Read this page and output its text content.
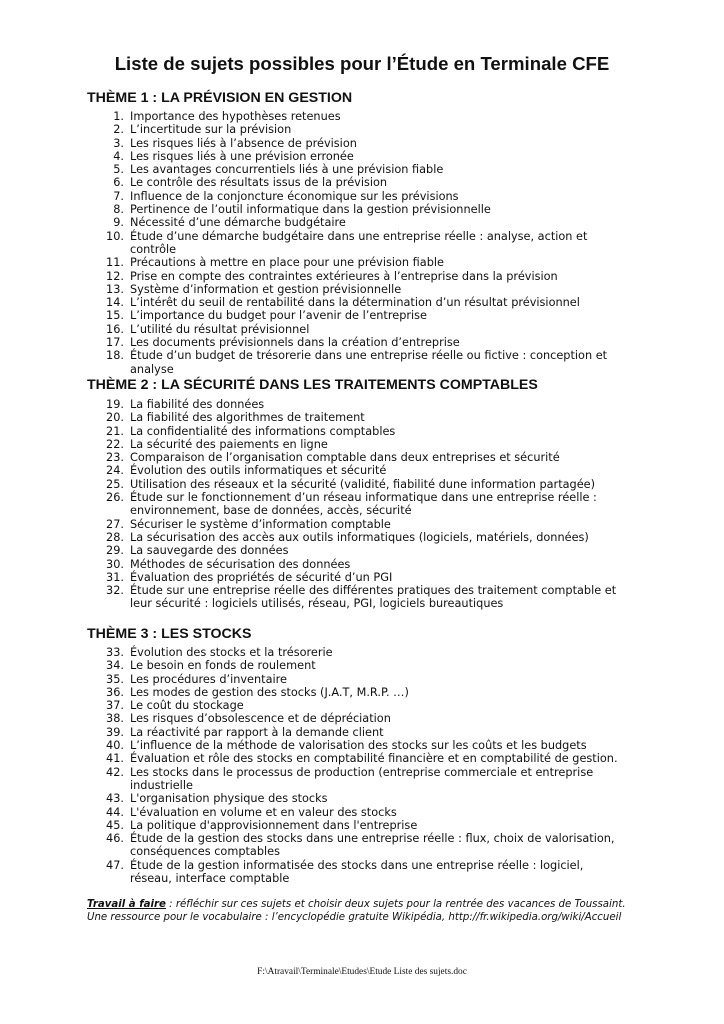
Liste de sujets possibles pour l’Étude en Terminale CFE
THÈME 1 : LA PRÉVISION EN GESTION
1. Importance des hypothèses retenues
2. L’incertitude sur la prévision
3. Les risques liés à l’absence de prévision
4. Les risques liés à une prévision erronée
5. Les avantages concurrentiels liés à une prévision fiable
6. Le contrôle des résultats issus de la prévision
7. Influence de la conjoncture économique sur les prévisions
8. Pertinence de l’outil informatique dans la gestion prévisionnelle
9. Nécessité d’une démarche budgétaire
10. Étude d’une démarche budgétaire dans une entreprise réelle : analyse, action et contrôle
11. Précautions à mettre en place pour une prévision fiable
12. Prise en compte des contraintes extérieures à l’entreprise dans la prévision
13. Système d’information et gestion prévisionnelle
14. L’intérêt du seuil de rentabilité dans la détermination d’un résultat prévisionnel
15. L’importance du budget pour l’avenir de l’entreprise
16. L’utilité du résultat prévisionnel
17. Les documents prévisionnels dans la création d’entreprise
18. Étude d’un budget de trésorerie dans une entreprise réelle ou fictive : conception et analyse
THÈME 2 : LA SÉCURITÉ DANS LES TRAITEMENTS COMPTABLES
19. La fiabilité des données
20. La fiabilité des algorithmes de traitement
21. La confidentialité des informations comptables
22. La sécurité des paiements en ligne
23. Comparaison de l’organisation comptable dans deux entreprises et sécurité
24. Évolution des outils informatiques et sécurité
25. Utilisation des réseaux et la sécurité (validité, fiabilité dune information partagée)
26. Étude sur le fonctionnement d’un réseau informatique dans une entreprise réelle : environnement, base de données, accès, sécurité
27. Sécuriser le système d’information comptable
28. La sécurisation des accès aux outils informatiques (logiciels, matériels, données)
29. La sauvegarde des données
30. Méthodes de sécurisation des données
31. Évaluation des propriétés de sécurité d’un PGI
32. Étude sur une entreprise réelle des différentes pratiques des traitement comptable et leur sécurité : logiciels utilisés, réseau, PGI, logiciels bureautiques
THÈME 3 : LES STOCKS
33. Évolution des stocks et la trésorerie
34. Le besoin en fonds de roulement
35. Les procédures d’inventaire
36. Les modes de gestion des stocks (J.A.T, M.R.P. …)
37. Le coût du stockage
38. Les risques d’obsolescence et de dépréciation
39. La réactivité par rapport à la demande client
40. L’influence de la méthode de valorisation des stocks sur les coûts et les budgets
41. Évaluation et rôle des stocks en comptabilité financière et en comptabilité de gestion.
42. Les stocks dans le processus de production (entreprise commerciale et entreprise industrielle
43. L'organisation physique des stocks
44. L'évaluation en volume et en valeur des stocks
45. La politique d'approvisionnement dans l'entreprise
46. Étude de la gestion des stocks dans une entreprise réelle : flux, choix de valorisation, conséquences comptables
47. Étude de la gestion informatisée des stocks dans une entreprise réelle : logiciel, réseau, interface comptable
Travail à faire : réfléchir sur ces sujets et choisir deux sujets pour la rentrée des vacances de Toussaint.
Une ressource pour le vocabulaire : l’encyclopédie gratuite Wikipédia, http://fr.wikipedia.org/wiki/Accueil
F:\Atravail\Terminale\Etudes\Etude Liste des sujets.doc
